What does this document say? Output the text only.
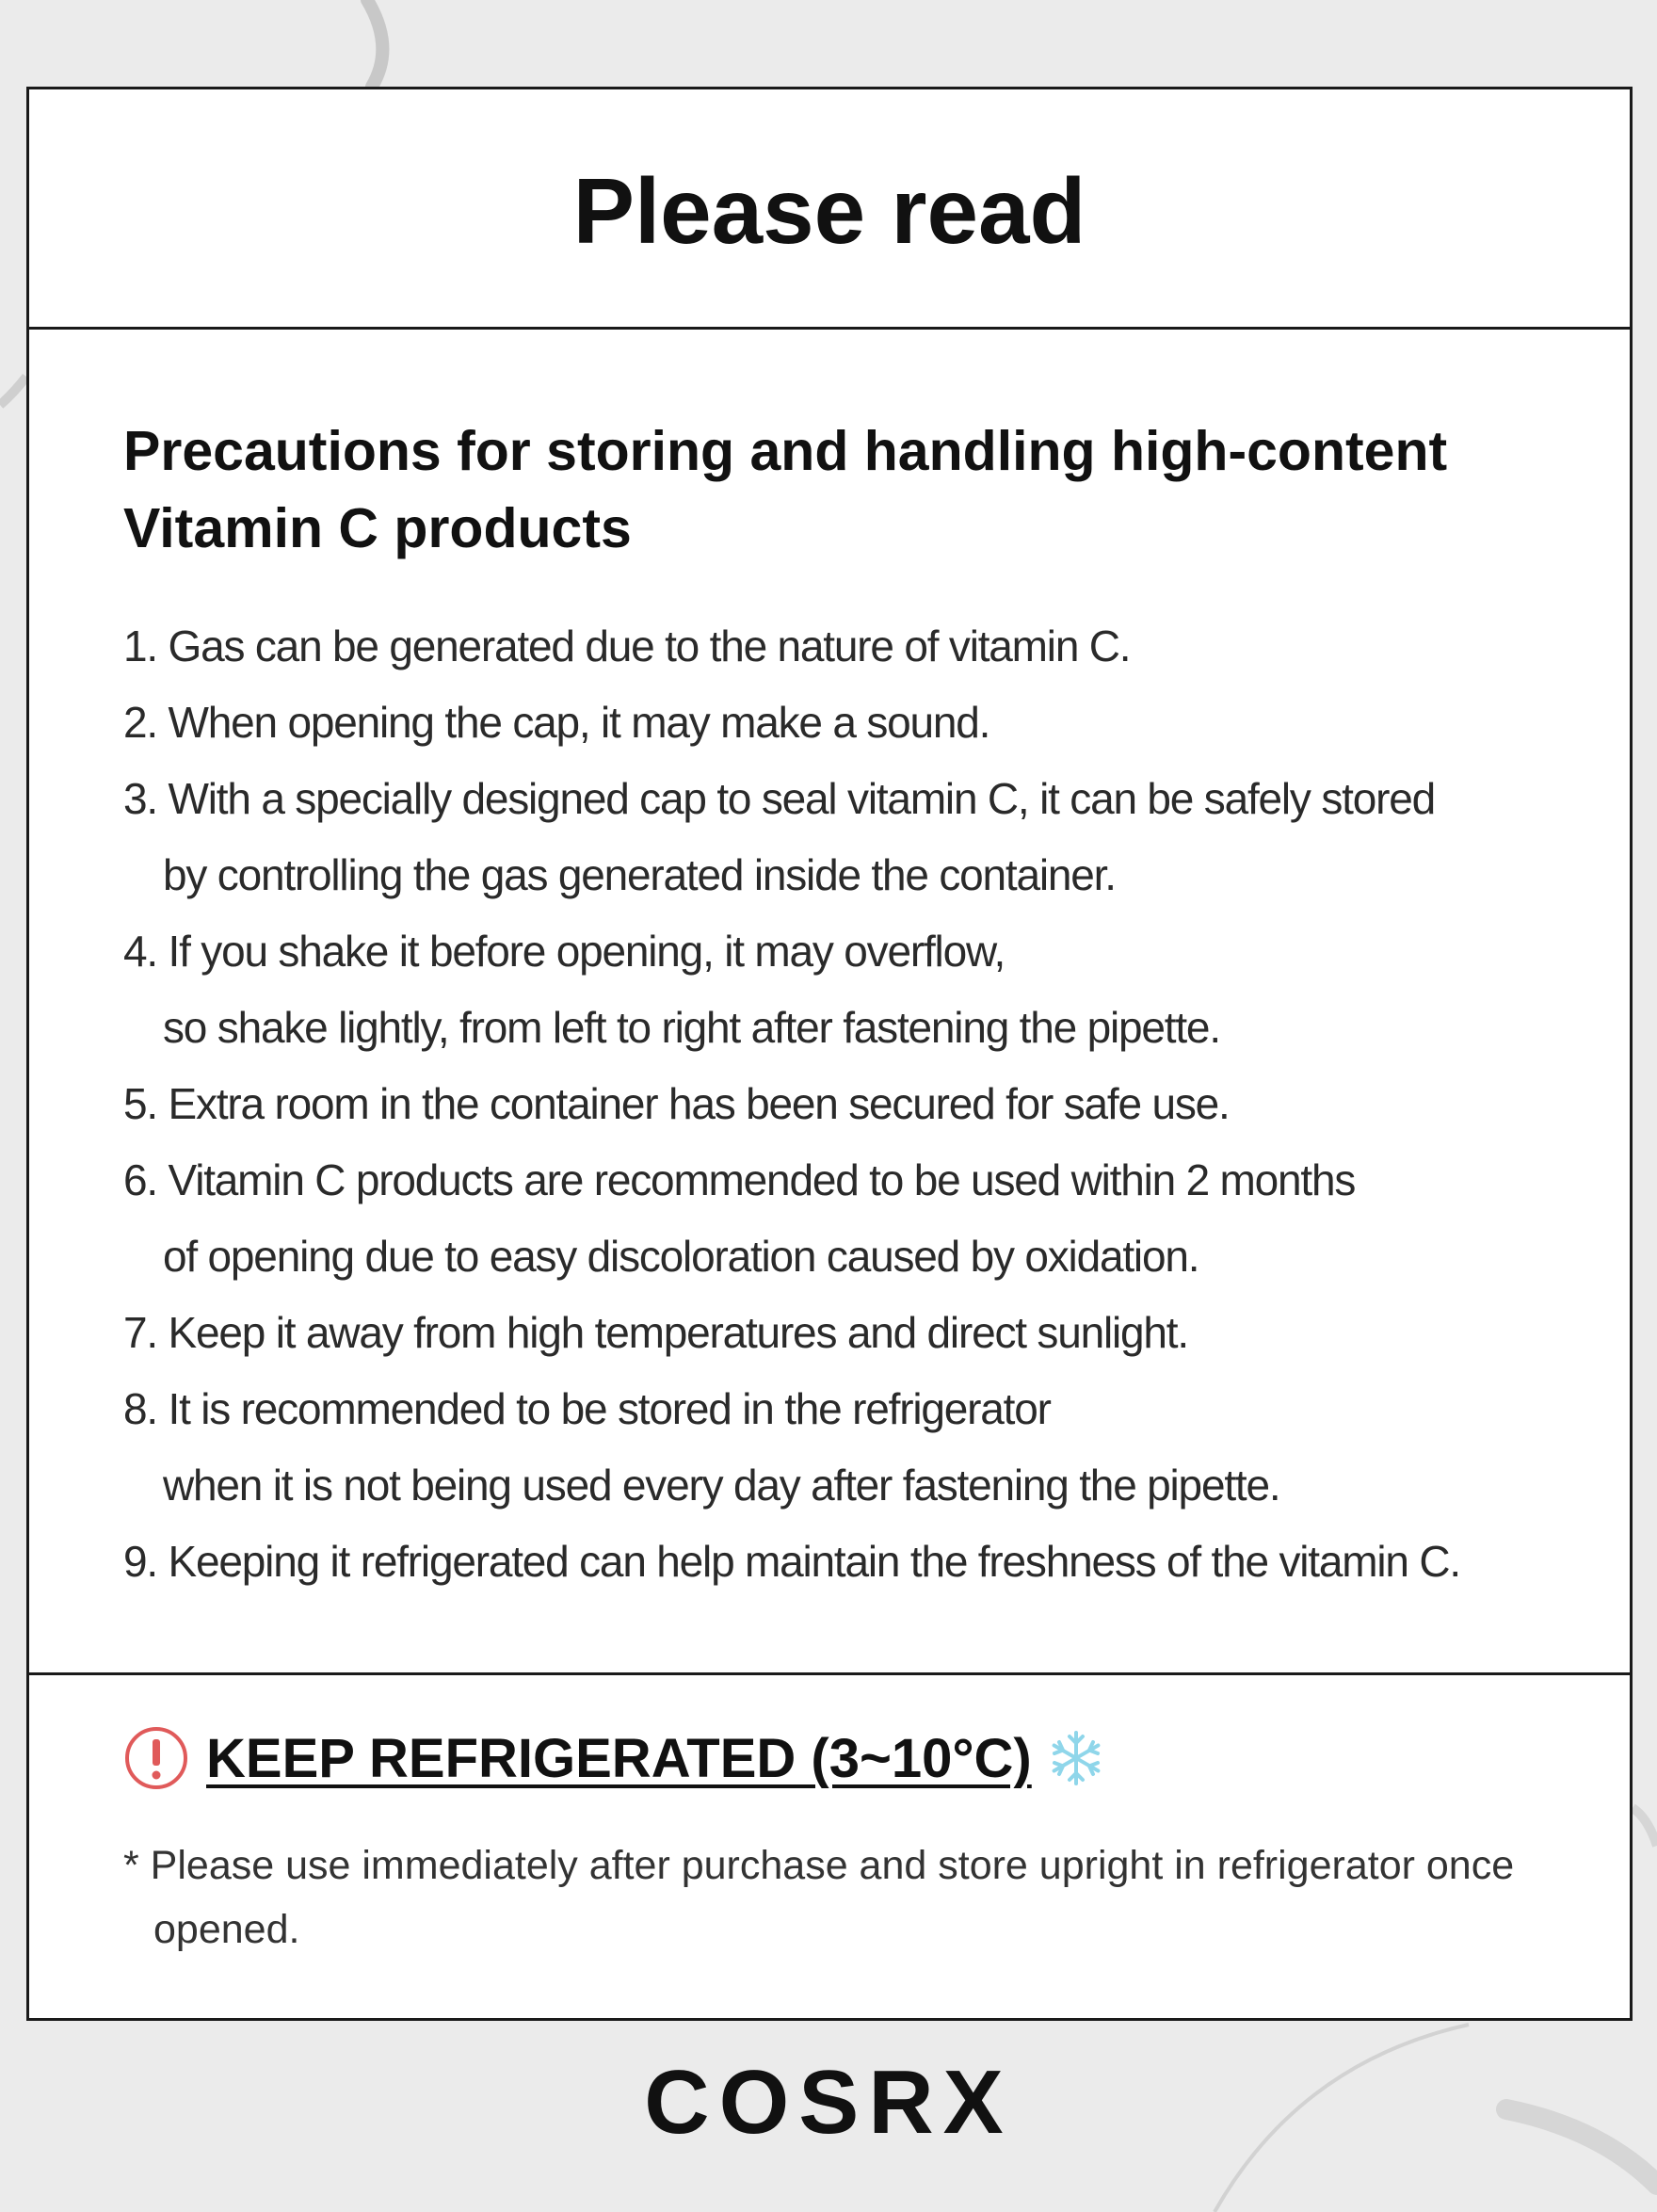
Please read
Precautions for storing and handling high-content
Vitamin C products
1. Gas can be generated due to the nature of vitamin C.
2. When opening the cap, it may make a sound.
3. With a specially designed cap to seal vitamin C, it can be safely stored
by controlling the gas generated inside the container.
4. If you shake it before opening, it may overflow,
so shake lightly, from left to right after fastening the pipette.
5. Extra room in the container has been secured for safe use.
6. Vitamin C products are recommended to be used within 2 months
of opening due to easy discoloration caused by oxidation.
7. Keep it away from high temperatures and direct sunlight.
8. It is recommended to be stored in the refrigerator
when it is not being used every day after fastening the pipette.
9. Keeping it refrigerated can help maintain the freshness of the vitamin C.
KEEP REFRIGERATED (3~10°C)
* Please use immediately after purchase and store upright in refrigerator once opened.
COSRX
